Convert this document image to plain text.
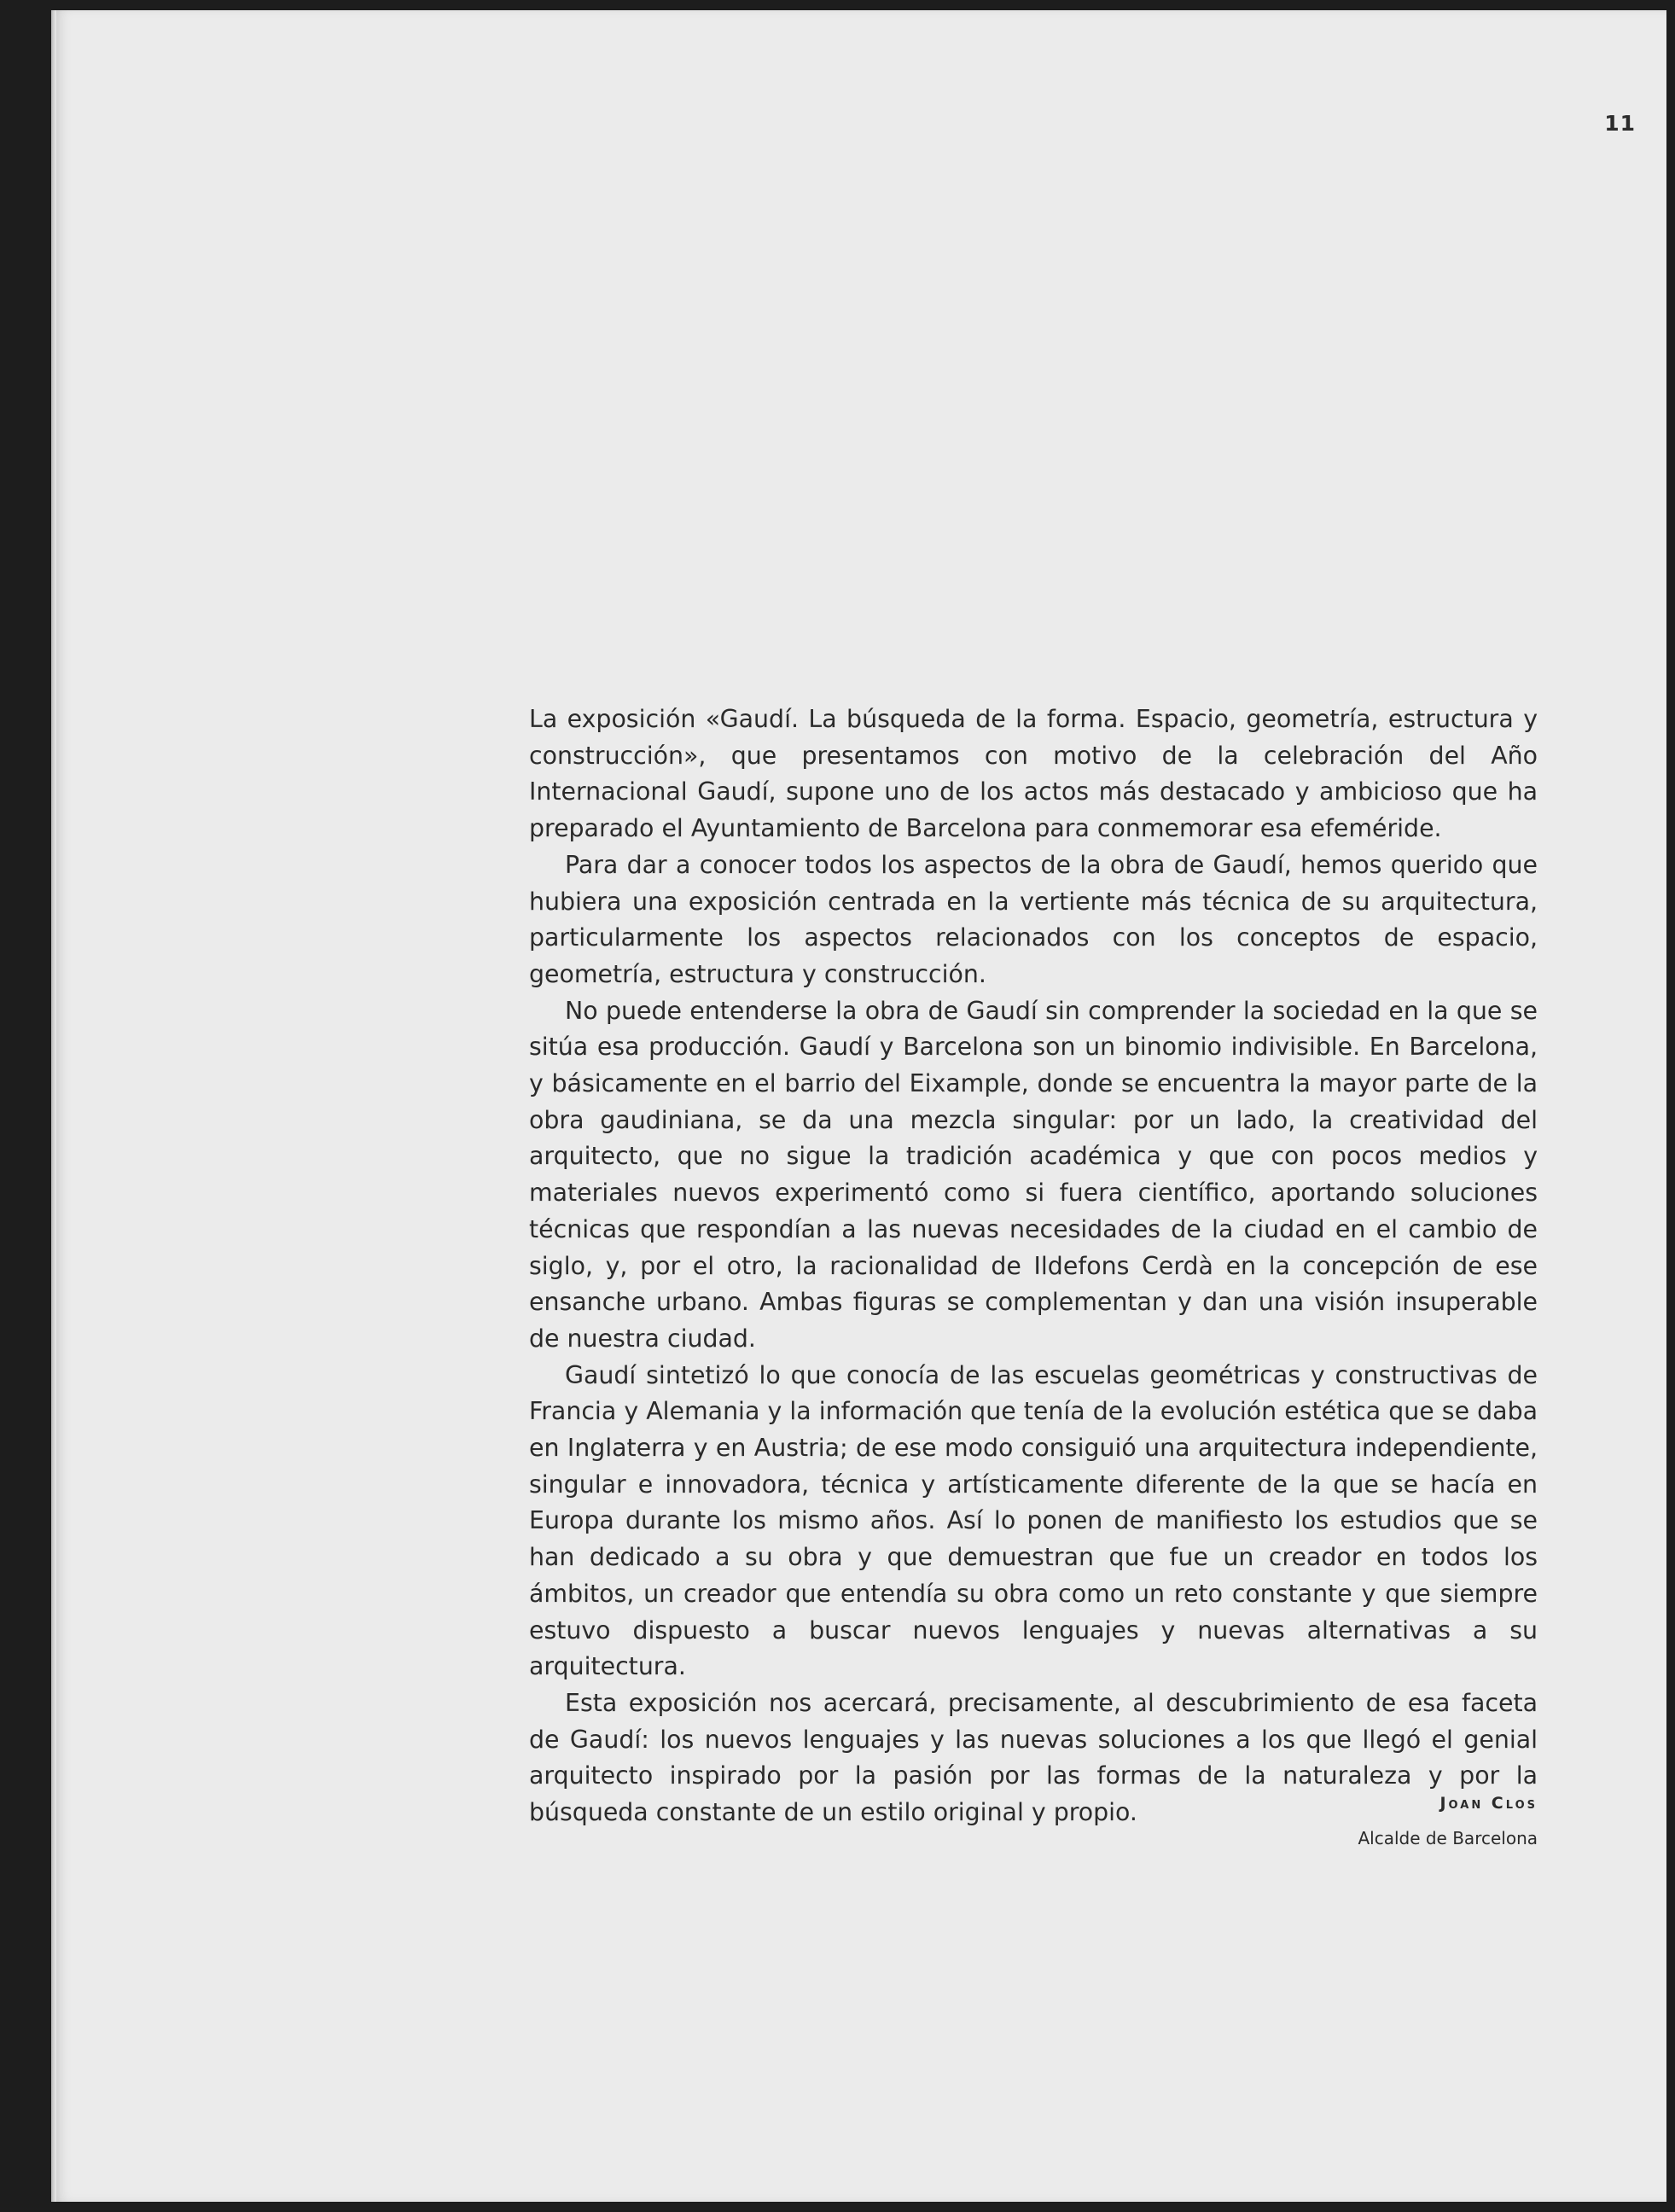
11

La exposición «Gaudí. La búsqueda de la forma. Espacio, geometría, estructura y construcción», que presentamos con motivo de la celebración del Año Internacional Gaudí, supone uno de los actos más destacado y ambicioso que ha preparado el Ayuntamiento de Barcelona para conmemorar esa efeméride.

Para dar a conocer todos los aspectos de la obra de Gaudí, hemos querido que hubiera una exposición centrada en la vertiente más técnica de su arquitectura, particularmente los aspectos relacionados con los conceptos de espacio, geometría, estructura y construcción.

No puede entenderse la obra de Gaudí sin comprender la sociedad en la que se sitúa esa producción. Gaudí y Barcelona son un binomio indivisible. En Barcelona, y básicamente en el barrio del Eixample, donde se encuentra la mayor parte de la obra gaudiniana, se da una mezcla singular: por un lado, la creatividad del arquitecto, que no sigue la tradición académica y que con pocos medios y materiales nuevos experimentó como si fuera científico, aportando soluciones técnicas que respondían a las nuevas necesidades de la ciudad en el cambio de siglo, y, por el otro, la racionalidad de Ildefons Cerdà en la concepción de ese ensanche urbano. Ambas figuras se complementan y dan una visión insuperable de nuestra ciudad.

Gaudí sintetizó lo que conocía de las escuelas geométricas y constructivas de Francia y Alemania y la información que tenía de la evolución estética que se daba en Inglaterra y en Austria; de ese modo consiguió una arquitectura independiente, singular e innovadora, técnica y artísticamente diferente de la que se hacía en Europa durante los mismo años. Así lo ponen de manifiesto los estudios que se han dedicado a su obra y que demuestran que fue un creador en todos los ámbitos, un creador que entendía su obra como un reto constante y que siempre estuvo dispuesto a buscar nuevos lenguajes y nuevas alternativas a su arquitectura.

Esta exposición nos acercará, precisamente, al descubrimiento de esa faceta de Gaudí: los nuevos lenguajes y las nuevas soluciones a los que llegó el genial arquitecto inspirado por la pasión por las formas de la naturaleza y por la búsqueda constante de un estilo original y propio.	Joan Clos
Alcalde de Barcelona
